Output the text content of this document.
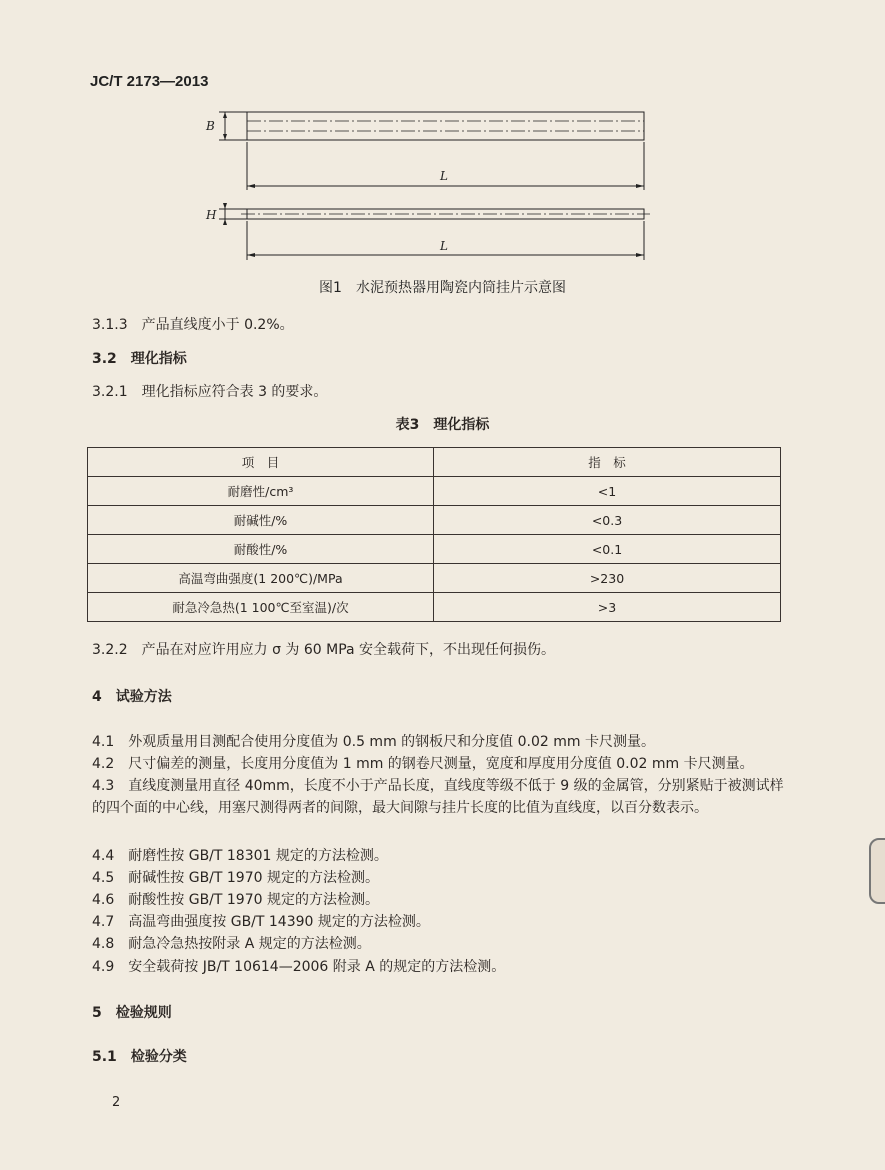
JC/T 2173—2013
B
L
H
L
图1　水泥预热器用陶瓷内筒挂片示意图
3.1.3　产品直线度小于 0.2%。
3.2　理化指标
3.2.1　理化指标应符合表 3 的要求。
表3　理化指标
项　目	指　标
耐磨性/cm³	<1
耐碱性/%	<0.3
耐酸性/%	<0.1
高温弯曲强度(1 200℃)/MPa	>230
耐急冷急热(1 100℃至室温)/次	>3
3.2.2　产品在对应许用应力 σ 为 60 MPa 安全载荷下，不出现任何损伤。
4　试验方法
4.1　外观质量用目测配合使用分度值为 0.5 mm 的钢板尺和分度值 0.02 mm 卡尺测量。
4.2　尺寸偏差的测量，长度用分度值为 1 mm 的钢卷尺测量，宽度和厚度用分度值 0.02 mm 卡尺测量。
4.3　直线度测量用直径 40mm，长度不小于产品长度，直线度等级不低于 9 级的金属管，分别紧贴于被测试样的四个面的中心线，用塞尺测得两者的间隙，最大间隙与挂片长度的比值为直线度，以百分数表示。
4.4　耐磨性按 GB/T 18301 规定的方法检测。
4.5　耐碱性按 GB/T 1970 规定的方法检测。
4.6　耐酸性按 GB/T 1970 规定的方法检测。
4.7　高温弯曲强度按 GB/T 14390 规定的方法检测。
4.8　耐急冷急热按附录 A 规定的方法检测。
4.9　安全载荷按 JB/T 10614—2006 附录 A 的规定的方法检测。
5　检验规则
5.1　检验分类
2
